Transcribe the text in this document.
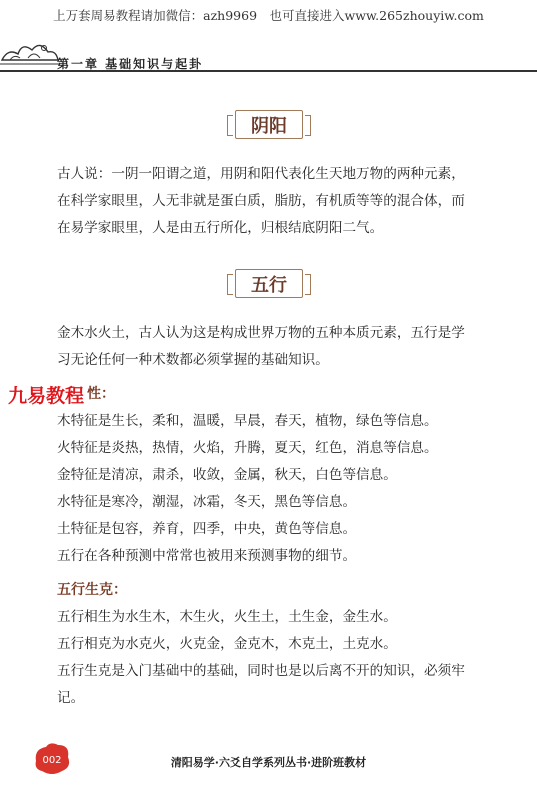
上万套周易教程请加微信：azh9969　也可直接进入www.265zhouyiw.com
第一章 基础知识与起卦
阴阳
古人说：一阴一阳谓之道，用阴和阳代表化生天地万物的两种元素，
在科学家眼里，人无非就是蛋白质，脂肪，有机质等等的混合体，而
在易学家眼里，人是由五行所化，归根结底阴阳二气。
五行
金木水火土，古人认为这是构成世界万物的五种本质元素，五行是学
习无论任何一种术数都必须掌握的基础知识。
性：
木特征是生长，柔和，温暖，早晨，春天，植物，绿色等信息。
火特征是炎热，热情，火焰，升腾，夏天，红色，消息等信息。
金特征是清凉，肃杀，收敛，金属，秋天，白色等信息。
水特征是寒冷，潮湿，冰霜，冬天，黑色等信息。
土特征是包容，养育，四季，中央，黄色等信息。
五行在各种预测中常常也被用来预测事物的细节。
九易教程
五行生克：
五行相生为水生木，木生火，火生土，土生金，金生水。
五行相克为水克火，火克金，金克木，木克土，土克水。
五行生克是入门基础中的基础，同时也是以后离不开的知识，必须牢
记。
002	清阳易学·六爻自学系列丛书·进阶班教材
